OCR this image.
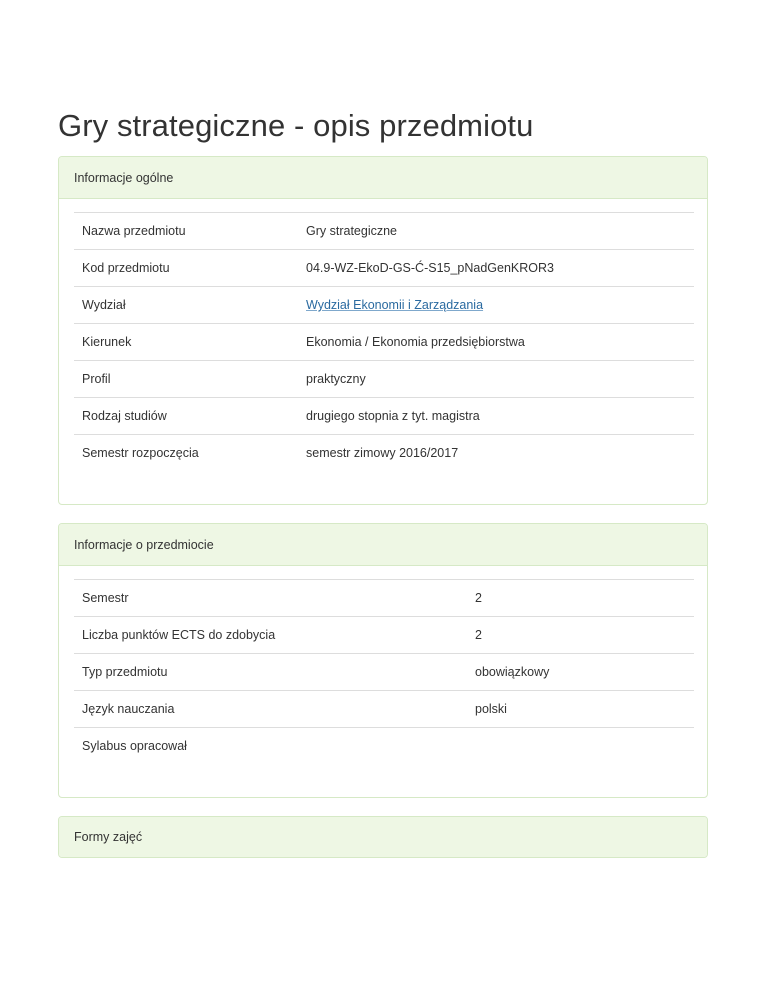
Gry strategiczne - opis przedmiotu
Informacje ogólne
Nazwa przedmiotu	Gry strategiczne
Kod przedmiotu	04.9-WZ-EkoD-GS-Ć-S15_pNadGenKROR3
Wydział	Wydział Ekonomii i Zarządzania
Kierunek	Ekonomia / Ekonomia przedsiębiorstwa
Profil	praktyczny
Rodzaj studiów	drugiego stopnia z tyt. magistra
Semestr rozpoczęcia	semestr zimowy 2016/2017
Informacje o przedmiocie
Semestr	2
Liczba punktów ECTS do zdobycia	2
Typ przedmiotu	obowiązkowy
Język nauczania	polski
Sylabus opracował	
Formy zajęć
